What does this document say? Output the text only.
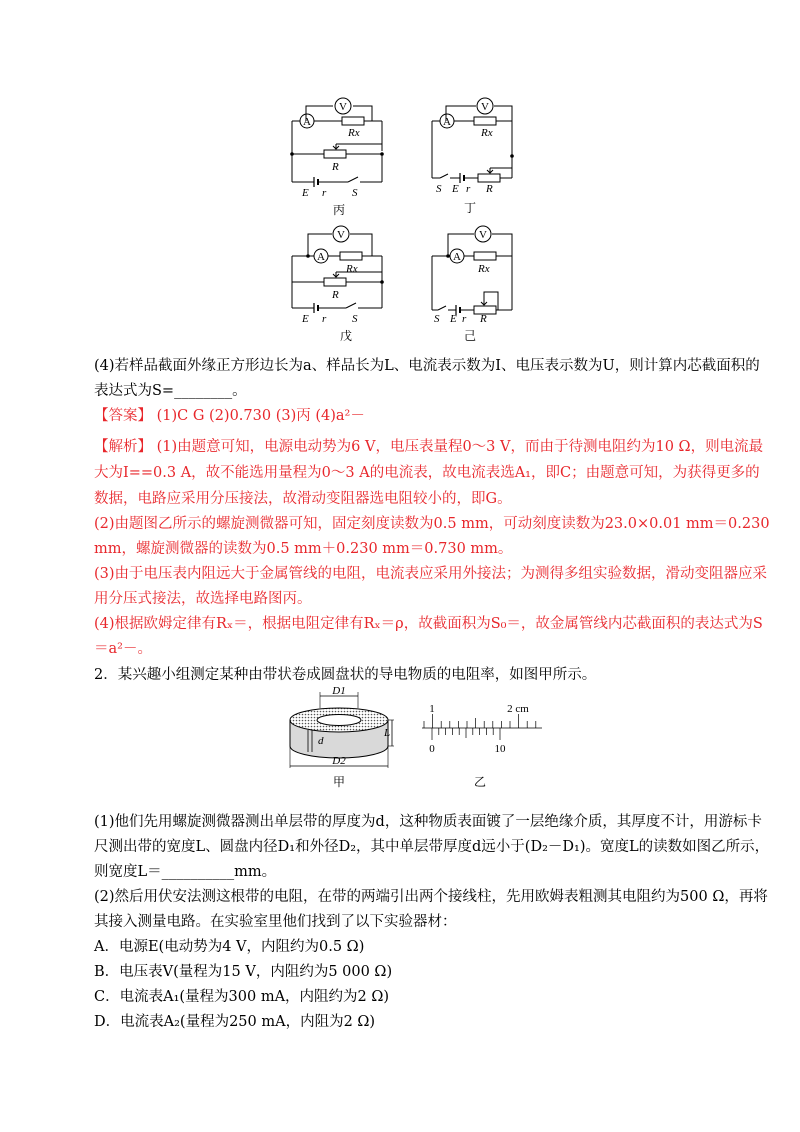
A
V
Rx
R
E r S
丙
A
V
Rx
S E r R
丁
A
V
Rx
R
E r S
戊
A
V
Rx
S E r R
己
(4)若样品截面外缘正方形边长为a、样品长为L、电流表示数为I、电压表示数为U，则计算内芯截面积的
表达式为S=________。
【答案】 (1)C G (2)0.730 (3)丙 (4)a²－
【解析】 (1)由题意可知，电源电动势为6 V，电压表量程0～3 V，而由于待测电阻约为10 Ω，则电流最
大为I==0.3 A，故不能选用量程为0～3 A的电流表，故电流表选A₁，即C；由题意可知，为获得更多的
数据，电路应采用分压接法，故滑动变阻器选电阻较小的，即G。
(2)由题图乙所示的螺旋测微器可知，固定刻度读数为0.5 mm，可动刻度读数为23.0×0.01 mm＝0.230
mm，螺旋测微器的读数为0.5 mm＋0.230 mm＝0.730 mm。
(3)由于电压表内阻远大于金属管线的电阻，电流表应采用外接法；为测得多组实验数据，滑动变阻器应采
用分压式接法，故选择电路图丙。
(4)根据欧姆定律有Rₓ＝，根据电阻定律有Rₓ＝ρ，故截面积为S₀＝，故金属管线内芯截面积的表达式为S
＝a²－。
2．某兴趣小组测定某种由带状卷成圆盘状的导电物质的电阻率，如图甲所示。
D1
d
L
D2
甲
1	2 cm
0	10
乙
(1)他们先用螺旋测微器测出单层带的厚度为d，这种物质表面镀了一层绝缘介质，其厚度不计，用游标卡
尺测出带的宽度L、圆盘内径D₁和外径D₂，其中单层带厚度d远小于(D₂－D₁)。宽度L的读数如图乙所示，
则宽度L＝__________mm。
(2)然后用伏安法测这根带的电阻，在带的两端引出两个接线柱，先用欧姆表粗测其电阻约为500 Ω，再将
其接入测量电路。在实验室里他们找到了以下实验器材：
A．电源E(电动势为4 V，内阻约为0.5 Ω)
B．电压表V(量程为15 V，内阻约为5 000 Ω)
C．电流表A₁(量程为300 mA，内阻约为2 Ω)
D．电流表A₂(量程为250 mA，内阻为2 Ω)
